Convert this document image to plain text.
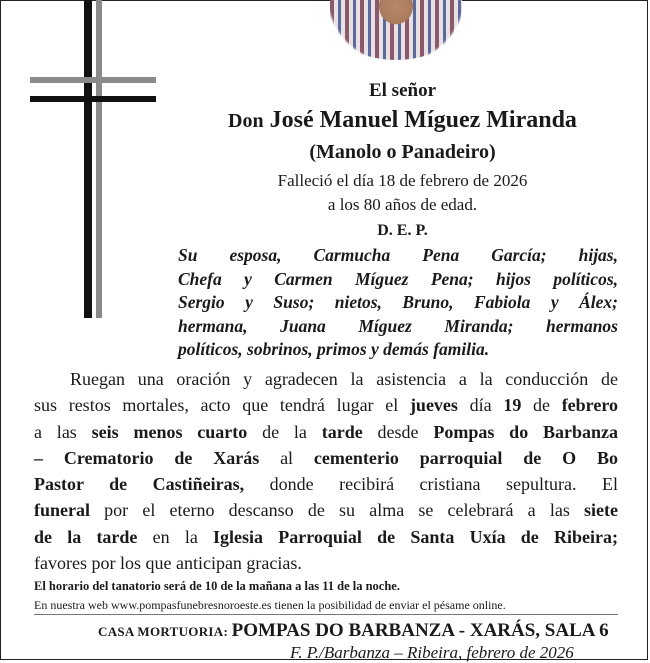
El señor
Don José Manuel Míguez Miranda
(Manolo o Panadeiro)
Falleció el día 18 de febrero de 2026
a los 80 años de edad.
D. E. P.
Su esposa, Carmucha Pena García; hijas,
Chefa y Carmen Míguez Pena; hijos políticos,
Sergio y Suso; nietos, Bruno, Fabiola y Álex;
hermana, Juana Míguez Miranda; hermanos
políticos, sobrinos, primos y demás familia.
Ruegan una oración y agradecen la asistencia a la conducción de
sus restos mortales, acto que tendrá lugar el jueves día 19 de febrero
a las seis menos cuarto de la tarde desde Pompas do Barbanza
– Crematorio de Xarás al cementerio parroquial de O Bo
Pastor de Castiñeiras, donde recibirá cristiana sepultura. El
funeral por el eterno descanso de su alma se celebrará a las siete
de la tarde en la Iglesia Parroquial de Santa Uxía de Ribeira;
favores por los que anticipan gracias.
El horario del tanatorio será de 10 de la mañana a las 11 de la noche.
En nuestra web www.pompasfunebresnoroeste.es tienen la posibilidad de enviar el pésame online.
CASA MORTUORIA: POMPAS DO BARBANZA - XARÁS, SALA 6
F. P./Barbanza – Ribeira, febrero de 2026
